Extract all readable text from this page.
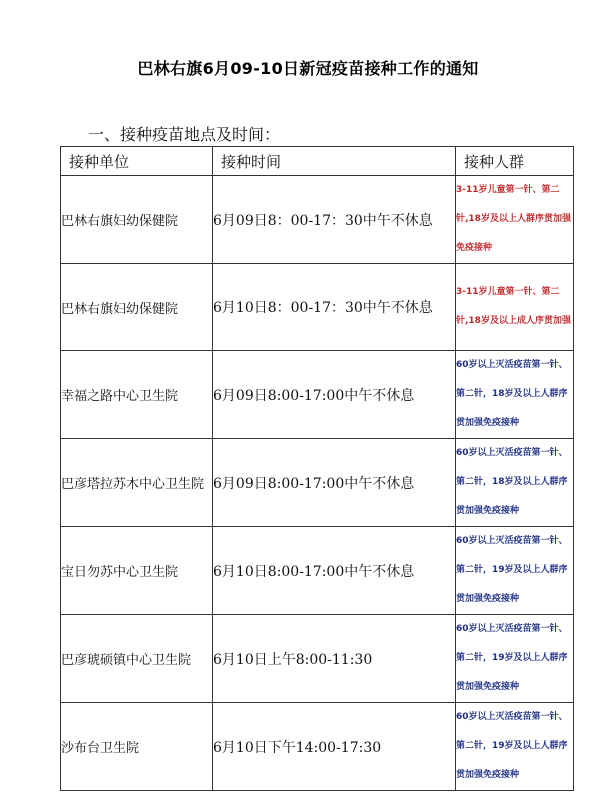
巴林右旗6月09-10日新冠疫苗接种工作的通知
一、接种疫苗地点及时间：
接种单位	接种时间	接种人群
巴林右旗妇幼保健院	6月09日8：00-17：30中午不休息	3-11岁儿童第一针、第二针,18岁及以上人群序贯加强免疫接种
巴林右旗妇幼保健院	6月10日8：00-17：30中午不休息	3-11岁儿童第一针、第二针,18岁及以上成人序贯加强
幸福之路中心卫生院	6月09日8:00-17:00中午不休息	60岁以上灭活疫苗第一针、第二针，18岁及以上人群序贯加强免疫接种
巴彦塔拉苏木中心卫生院	6月09日8:00-17:00中午不休息	60岁以上灭活疫苗第一针、第二针，18岁及以上人群序贯加强免疫接种
宝日勿苏中心卫生院	6月10日8:00-17:00中午不休息	60岁以上灭活疫苗第一针、第二针，19岁及以上人群序贯加强免疫接种
巴彦琥硕镇中心卫生院	6月10日上午8:00-11:30	60岁以上灭活疫苗第一针、第二针，19岁及以上人群序贯加强免疫接种
沙布台卫生院	6月10日下午14:00-17:30	60岁以上灭活疫苗第一针、第二针，19岁及以上人群序贯加强免疫接种
